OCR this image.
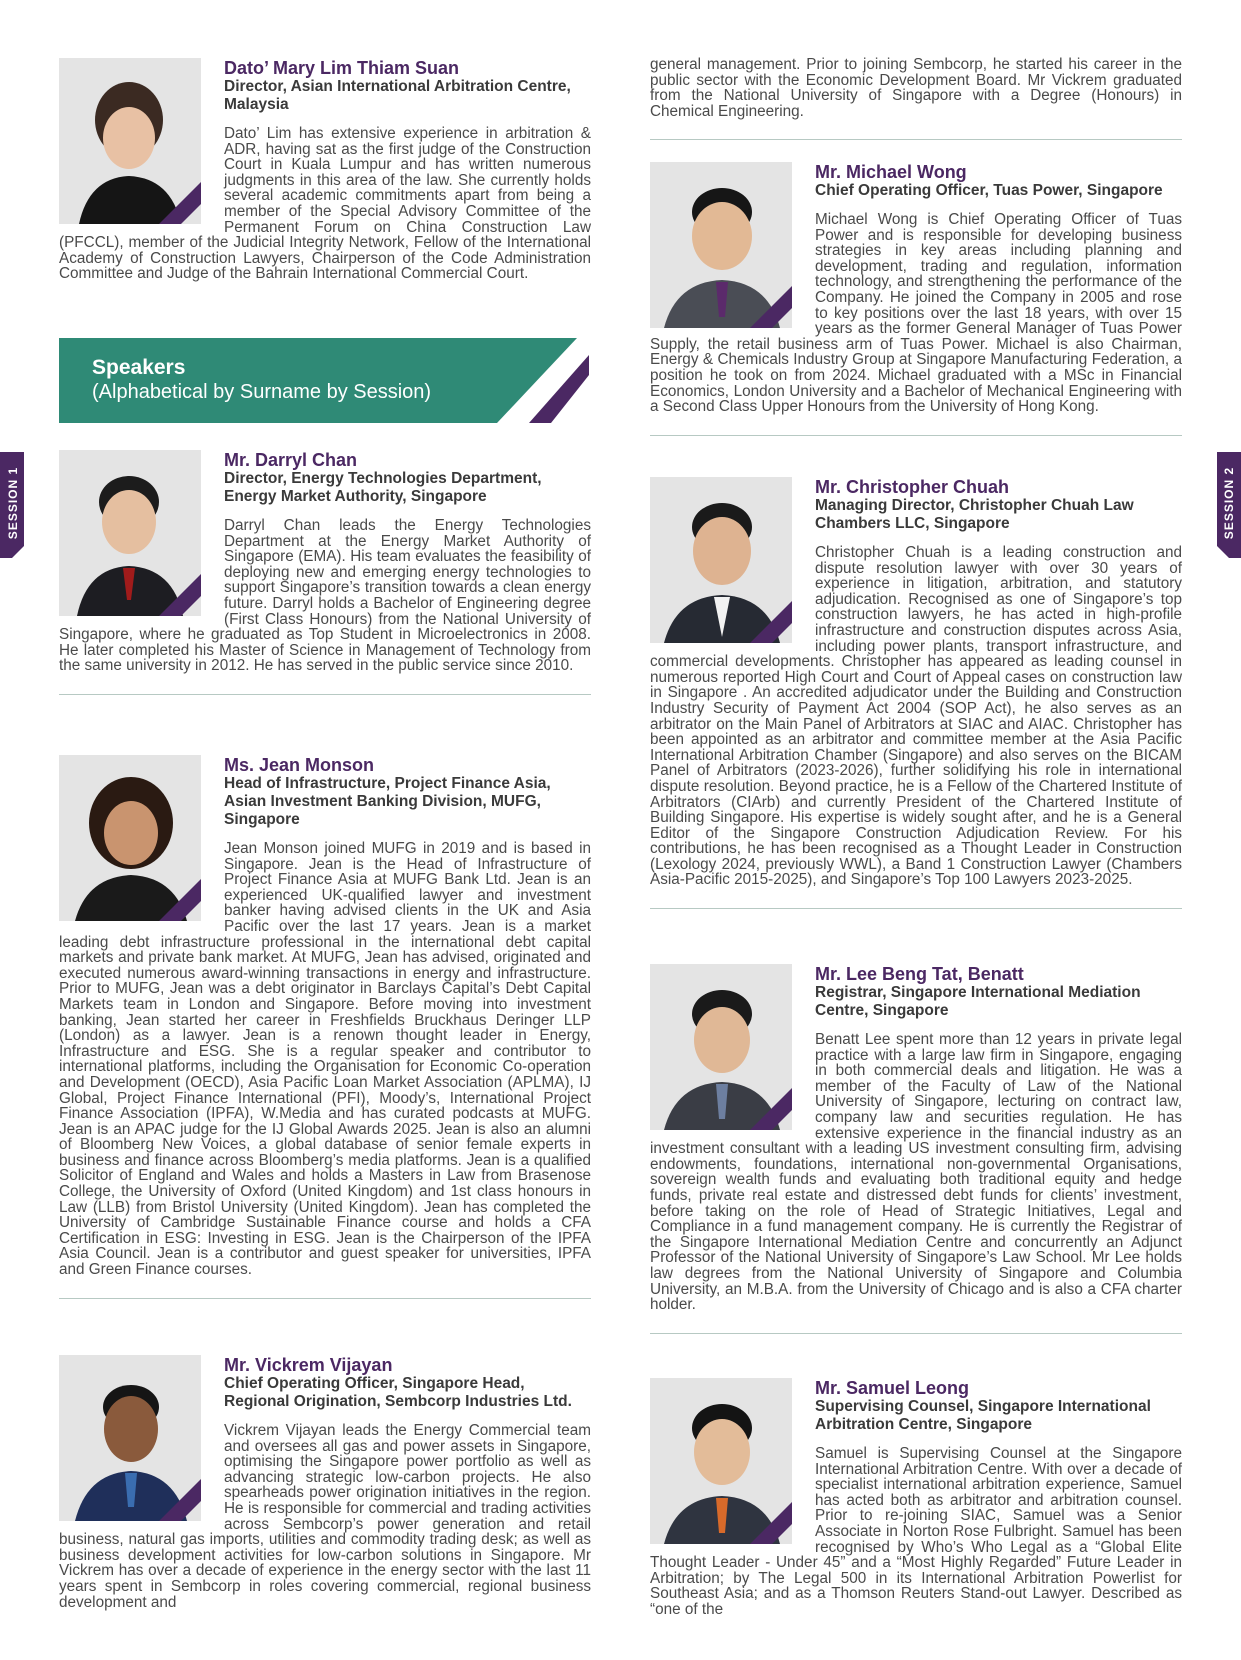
Dato’ Mary Lim Thiam Suan
Director, Asian International Arbitration Centre, Malaysia

Dato’ Lim has extensive experience in arbitration & ADR, having sat as the first judge of the Construction Court in Kuala Lumpur and has written numerous judgments in this area of the law. She currently holds several academic commitments apart from being a member of the Special Advisory Committee of the Permanent Forum on China Construction Law (PFCCL), member of the Judicial Integrity Network, Fellow of the International Academy of Construction Lawyers, Chairperson of the Code Administration Committee and Judge of the Bahrain International Commercial Court.

Mr. Darryl Chan
Director, Energy Technologies Department, Energy Market Authority, Singapore

Darryl Chan leads the Energy Technologies Department at the Energy Market Authority of Singapore (EMA). His team evaluates the feasibility of deploying new and emerging energy technologies to support Singapore’s transition towards a clean energy future. Darryl holds a Bachelor of Engineering degree (First Class Honours) from the National University of Singapore, where he graduated as Top Student in Microelectronics in 2008. He later completed his Master of Science in Management of Technology from the same university in 2012. He has served in the public service since 2010.

Ms. Jean Monson
Head of Infrastructure, Project Finance Asia, Asian Investment Banking Division, MUFG, Singapore

Jean Monson joined MUFG in 2019 and is based in Singapore. Jean is the Head of Infrastructure of Project Finance Asia at MUFG Bank Ltd. Jean is an experienced UK-qualified lawyer and investment banker having advised clients in the UK and Asia Pacific over the last 17 years. Jean is a market leading debt infrastructure professional in the international debt capital markets and private bank market. At MUFG, Jean has advised, originated and executed numerous award-winning transactions in energy and infrastructure. Prior to MUFG, Jean was a debt originator in Barclays Capital’s Debt Capital Markets team in London and Singapore. Before moving into investment banking, Jean started her career in Freshfields Bruckhaus Deringer LLP (London) as a lawyer. Jean is a renown thought leader in Energy, Infrastructure and ESG. She is a regular speaker and contributor to international platforms, including the Organisation for Economic Co-operation and Development (OECD), Asia Pacific Loan Market Association (APLMA), IJ Global, Project Finance International (PFI), Moody’s, International Project Finance Association (IPFA), W.Media and has curated podcasts at MUFG. Jean is an APAC judge for the IJ Global Awards 2025. Jean is also an alumni of Bloomberg New Voices, a global database of senior female experts in business and finance across Bloomberg’s media platforms. Jean is a qualified Solicitor of England and Wales and holds a Masters in Law from Brasenose College, the University of Oxford (United Kingdom) and 1st class honours in Law (LLB) from Bristol University (United Kingdom). Jean has completed the University of Cambridge Sustainable Finance course and holds a CFA Certification in ESG: Investing in ESG. Jean is the Chairperson of the IPFA Asia Council. Jean is a contributor and guest speaker for universities, IPFA and Green Finance courses.

Mr. Vickrem Vijayan
Chief Operating Officer, Singapore Head, Regional Origination, Sembcorp Industries Ltd.

Vickrem Vijayan leads the Energy Commercial team and oversees all gas and power assets in Singapore, optimising the Singapore power portfolio as well as advancing strategic low-carbon projects. He also spearheads power origination initiatives in the region. He is responsible for commercial and trading activities across Sembcorp’s power generation and retail business, natural gas imports, utilities and commodity trading desk; as well as business development activities for low-carbon solutions in Singapore. Mr Vickrem has over a decade of experience in the energy sector with the last 11 years spent in Sembcorp in roles covering commercial, regional business development and

Speakers
(Alphabetical by Surname by Session)

general management. Prior to joining Sembcorp, he started his career in the public sector with the Economic Development Board. Mr Vickrem graduated from the National University of Singapore with a Degree (Honours) in Chemical Engineering.

Mr. Michael Wong
Chief Operating Officer, Tuas Power, Singapore

Michael Wong is Chief Operating Officer of Tuas Power and is responsible for developing business strategies in key areas including planning and development, trading and regulation, information technology, and strengthening the performance of the Company. He joined the Company in 2005 and rose to key positions over the last 18 years, with over 15 years as the former General Manager of Tuas Power Supply, the retail business arm of Tuas Power. Michael is also Chairman, Energy & Chemicals Industry Group at Singapore Manufacturing Federation, a position he took on from 2024. Michael graduated with a MSc in Financial Economics, London University and a Bachelor of Mechanical Engineering with a Second Class Upper Honours from the University of Hong Kong.

Mr. Christopher Chuah
Managing Director, Christopher Chuah Law Chambers LLC, Singapore

Christopher Chuah is a leading construction and dispute resolution lawyer with over 30 years of experience in litigation, arbitration, and statutory adjudication. Recognised as one of Singapore’s top construction lawyers, he has acted in high-profile infrastructure and construction disputes across Asia, including power plants, transport infrastructure, and commercial developments. Christopher has appeared as leading counsel in numerous reported High Court and Court of Appeal cases on construction law in Singapore . An accredited adjudicator under the Building and Construction Industry Security of Payment Act 2004 (SOP Act), he also serves as an arbitrator on the Main Panel of Arbitrators at SIAC and AIAC. Christopher has been appointed as an arbitrator and committee member at the Asia Pacific International Arbitration Chamber (Singapore) and also serves on the BICAM Panel of Arbitrators (2023-2026), further solidifying his role in international dispute resolution. Beyond practice, he is a Fellow of the Chartered Institute of Arbitrators (CIArb) and currently President of the Chartered Institute of Building Singapore. His expertise is widely sought after, and he is a General Editor of the Singapore Construction Adjudication Review. For his contributions, he has been recognised as a Thought Leader in Construction (Lexology 2024, previously WWL), a Band 1 Construction Lawyer (Chambers Asia-Pacific 2015-2025), and Singapore’s Top 100 Lawyers 2023-2025.

Mr. Lee Beng Tat, Benatt
Registrar, Singapore International Mediation Centre, Singapore

Benatt Lee spent more than 12 years in private legal practice with a large law firm in Singapore, engaging in both commercial deals and litigation. He was a member of the Faculty of Law of the National University of Singapore, lecturing on contract law, company law and securities regulation. He has extensive experience in the financial industry as an investment consultant with a leading US investment consulting firm, advising endowments, foundations, international non-governmental Organisations, sovereign wealth funds and evaluating both traditional equity and hedge funds, private real estate and distressed debt funds for clients’ investment, before taking on the role of Head of Strategic Initiatives, Legal and Compliance in a fund management company. He is currently the Registrar of the Singapore International Mediation Centre and concurrently an Adjunct Professor of the National University of Singapore’s Law School. Mr Lee holds law degrees from the National University of Singapore and Columbia University, an M.B.A. from the University of Chicago and is also a CFA charter holder.

Mr. Samuel Leong
Supervising Counsel, Singapore International Arbitration Centre, Singapore

Samuel is Supervising Counsel at the Singapore International Arbitration Centre. With over a decade of specialist international arbitration experience, Samuel has acted both as arbitrator and arbitration counsel. Prior to re-joining SIAC, Samuel was a Senior Associate in Norton Rose Fulbright. Samuel has been recognised by Who’s Who Legal as a “Global Elite Thought Leader - Under 45” and a “Most Highly Regarded” Future Leader in Arbitration; by The Legal 500 in its International Arbitration Powerlist for Southeast Asia; and as a Thomson Reuters Stand-out Lawyer. Described as “one of the

SESSION 1	SESSION 2
